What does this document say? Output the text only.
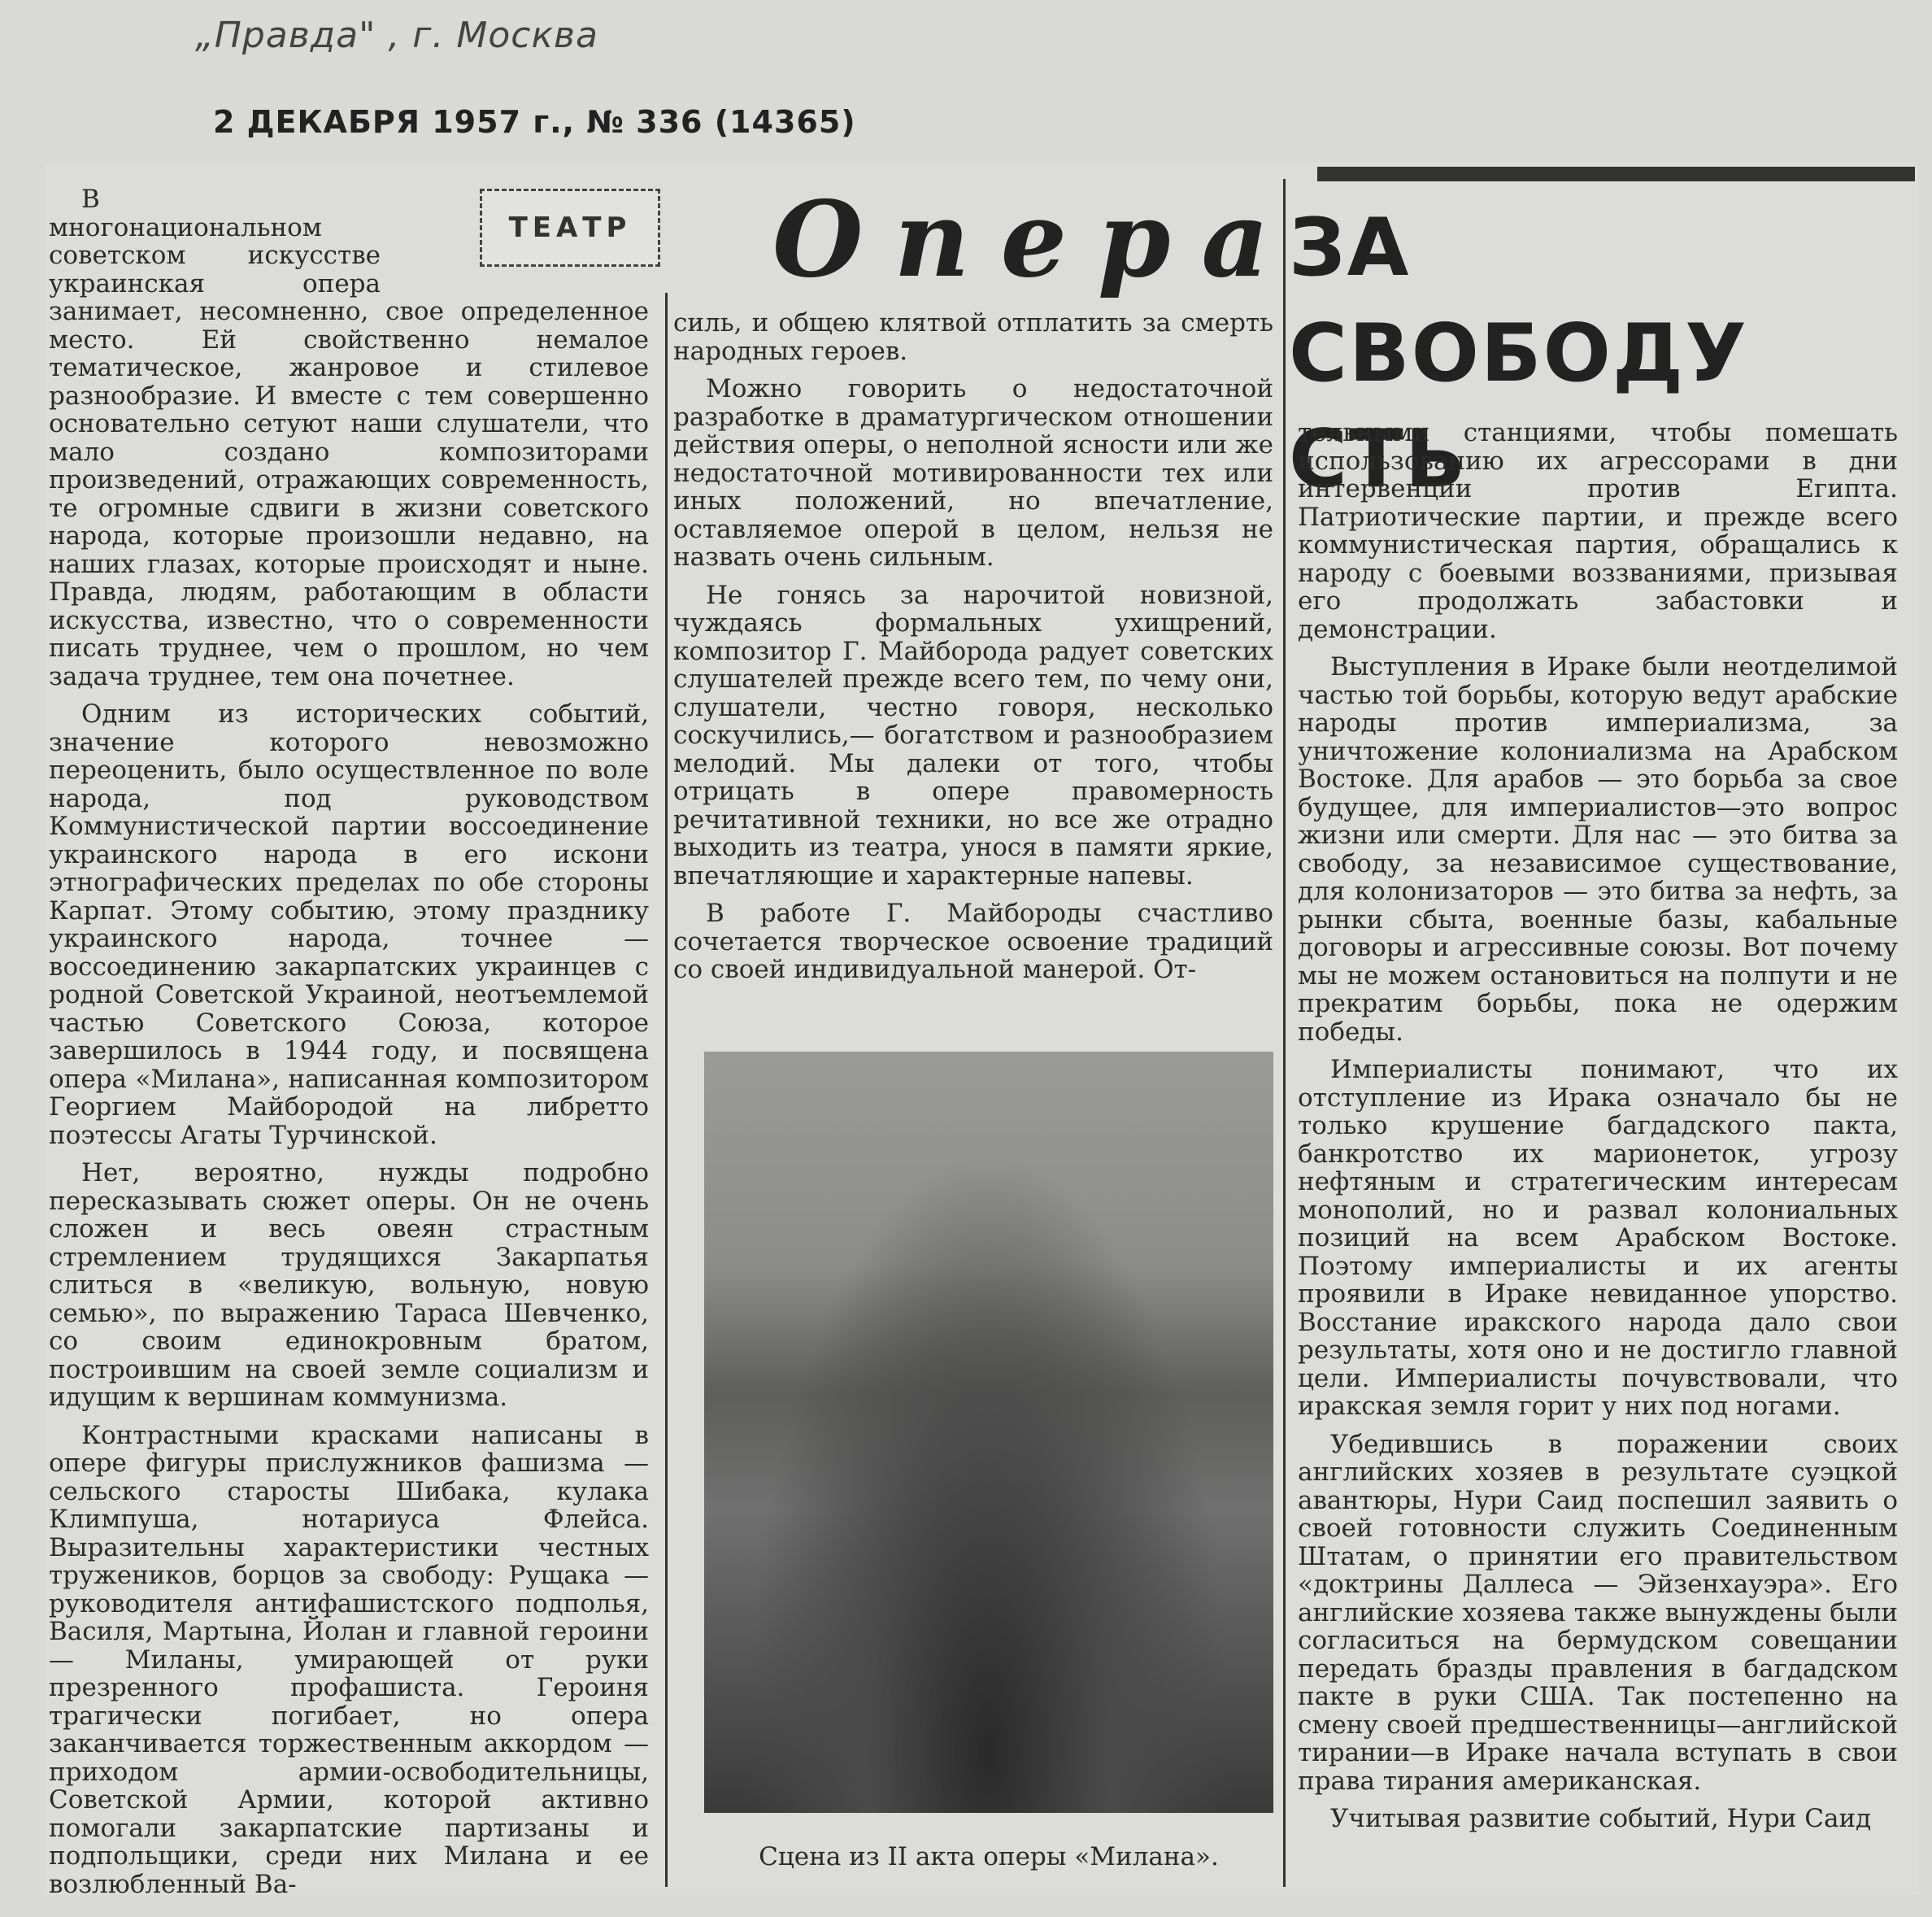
„Правда" , г. Москва
2 ДЕКАБРЯ 1957 г., № 336 (14365)
ТЕАТР Опера
ЗА СВОБОДУ
СТЬ

В многонациональном советском искусстве украинская опера занимает, несомненно, свое определенное место. Ей свойственно немалое тематическое, жанровое и стилевое разнообразие. И вместе с тем совершенно основательно сетуют наши слушатели, что мало создано композиторами произведений, отражающих современность, те огромные сдвиги в жизни советского народа, которые произошли недавно, на наших глазах, которые происходят и ныне. Правда, людям, работающим в области искусства, известно, что о современности писать труднее, чем о прошлом, но чем задача труднее, тем она почетнее.

Одним из исторических событий, значение которого невозможно переоценить, было осуществленное по воле народа, под руководством Коммунистической партии воссоединение украинского народа в его искони этнографических пределах по обе стороны Карпат. Этому событию, этому празднику украинского народа, точнее — воссоединению закарпатских украинцев с родной Советской Украиной, неотъемлемой частью Советского Союза, которое завершилось в 1944 году, и посвящена опера «Милана», написанная композитором Георгием Майбородой на либретто поэтессы Агаты Турчинской.

Нет, вероятно, нужды подробно пересказывать сюжет оперы. Он не очень сложен и весь овеян страстным стремлением трудящихся Закарпатья слиться в «великую, вольную, новую семью», по выражению Тараса Шевченко, со своим единокровным братом, построившим на своей земле социализм и идущим к вершинам коммунизма.

Контрастными красками написаны в опере фигуры прислужников фашизма — сельского старосты Шибака, кулака Климпуша, нотариуса Флейса. Выразительны характеристики честных тружеников, борцов за свободу: Рущака — руководителя антифашистского подполья, Василя, Мартына, Йолан и главной героини — Миланы, умирающей от руки презренного профашиста. Героиня трагически погибает, но опера заканчивается торжественным аккордом — приходом армии-освободительницы, Советской Армии, которой активно помогали закарпатские партизаны и подпольщики, среди них Милана и ее возлюбленный Ва-

силь, и общею клятвой отплатить за смерть народных героев.

Можно говорить о недостаточной разработке в драматургическом отношении действия оперы, о неполной ясности или же недостаточной мотивированности тех или иных положений, но впечатление, оставляемое оперой в целом, нельзя не назвать очень сильным.

Не гонясь за нарочитой новизной, чуждаясь формальных ухищрений, композитор Г. Майборода радует советских слушателей прежде всего тем, по чему они, слушатели, честно говоря, несколько соскучились,— богатством и разнообразием мелодий. Мы далеки от того, чтобы отрицать в опере правомерность речитативной техники, но все же отрадно выходить из театра, унося в памяти яркие, впечатляющие и характерные напевы.

В работе Г. Майбороды счастливо сочетается творческое освоение традиций со своей индивидуальной манерой. От-

Сцена из II акта оперы «Милана».

тельными станциями, чтобы помешать использованию их агрессорами в дни интервенции против Египта. Патриотические партии, и прежде всего коммунистическая партия, обращались к народу с боевыми воззваниями, призывая его продолжать забастовки и демонстрации.

Выступления в Ираке были неотделимой частью той борьбы, которую ведут арабские народы против империализма, за уничтожение колониализма на Арабском Востоке. Для арабов — это борьба за свое будущее, для империалистов—это вопрос жизни или смерти. Для нас — это битва за свободу, за независимое существование, для колонизаторов — это битва за нефть, за рынки сбыта, военные базы, кабальные договоры и агрессивные союзы. Вот почему мы не можем остановиться на полпути и не прекратим борьбы, пока не одержим победы.

Империалисты понимают, что их отступление из Ирака означало бы не только крушение багдадского пакта, банкротство их марионеток, угрозу нефтяным и стратегическим интересам монополий, но и развал колониальных позиций на всем Арабском Востоке. Поэтому империалисты и их агенты проявили в Ираке невиданное упорство. Восстание иракского народа дало свои результаты, хотя оно и не достигло главной цели. Империалисты почувствовали, что иракская земля горит у них под ногами.

Убедившись в поражении своих английских хозяев в результате суэцкой авантюры, Нури Саид поспешил заявить о своей готовности служить Соединенным Штатам, о принятии его правительством «доктрины Даллеса — Эйзенхауэра». Его английские хозяева также вынуждены были согласиться на бермудском совещании передать бразды правления в багдадском пакте в руки США. Так постепенно на смену своей предшественницы—английской тирании—в Ираке начала вступать в свои права тирания американская.

Учитывая развитие событий, Нури Саид
